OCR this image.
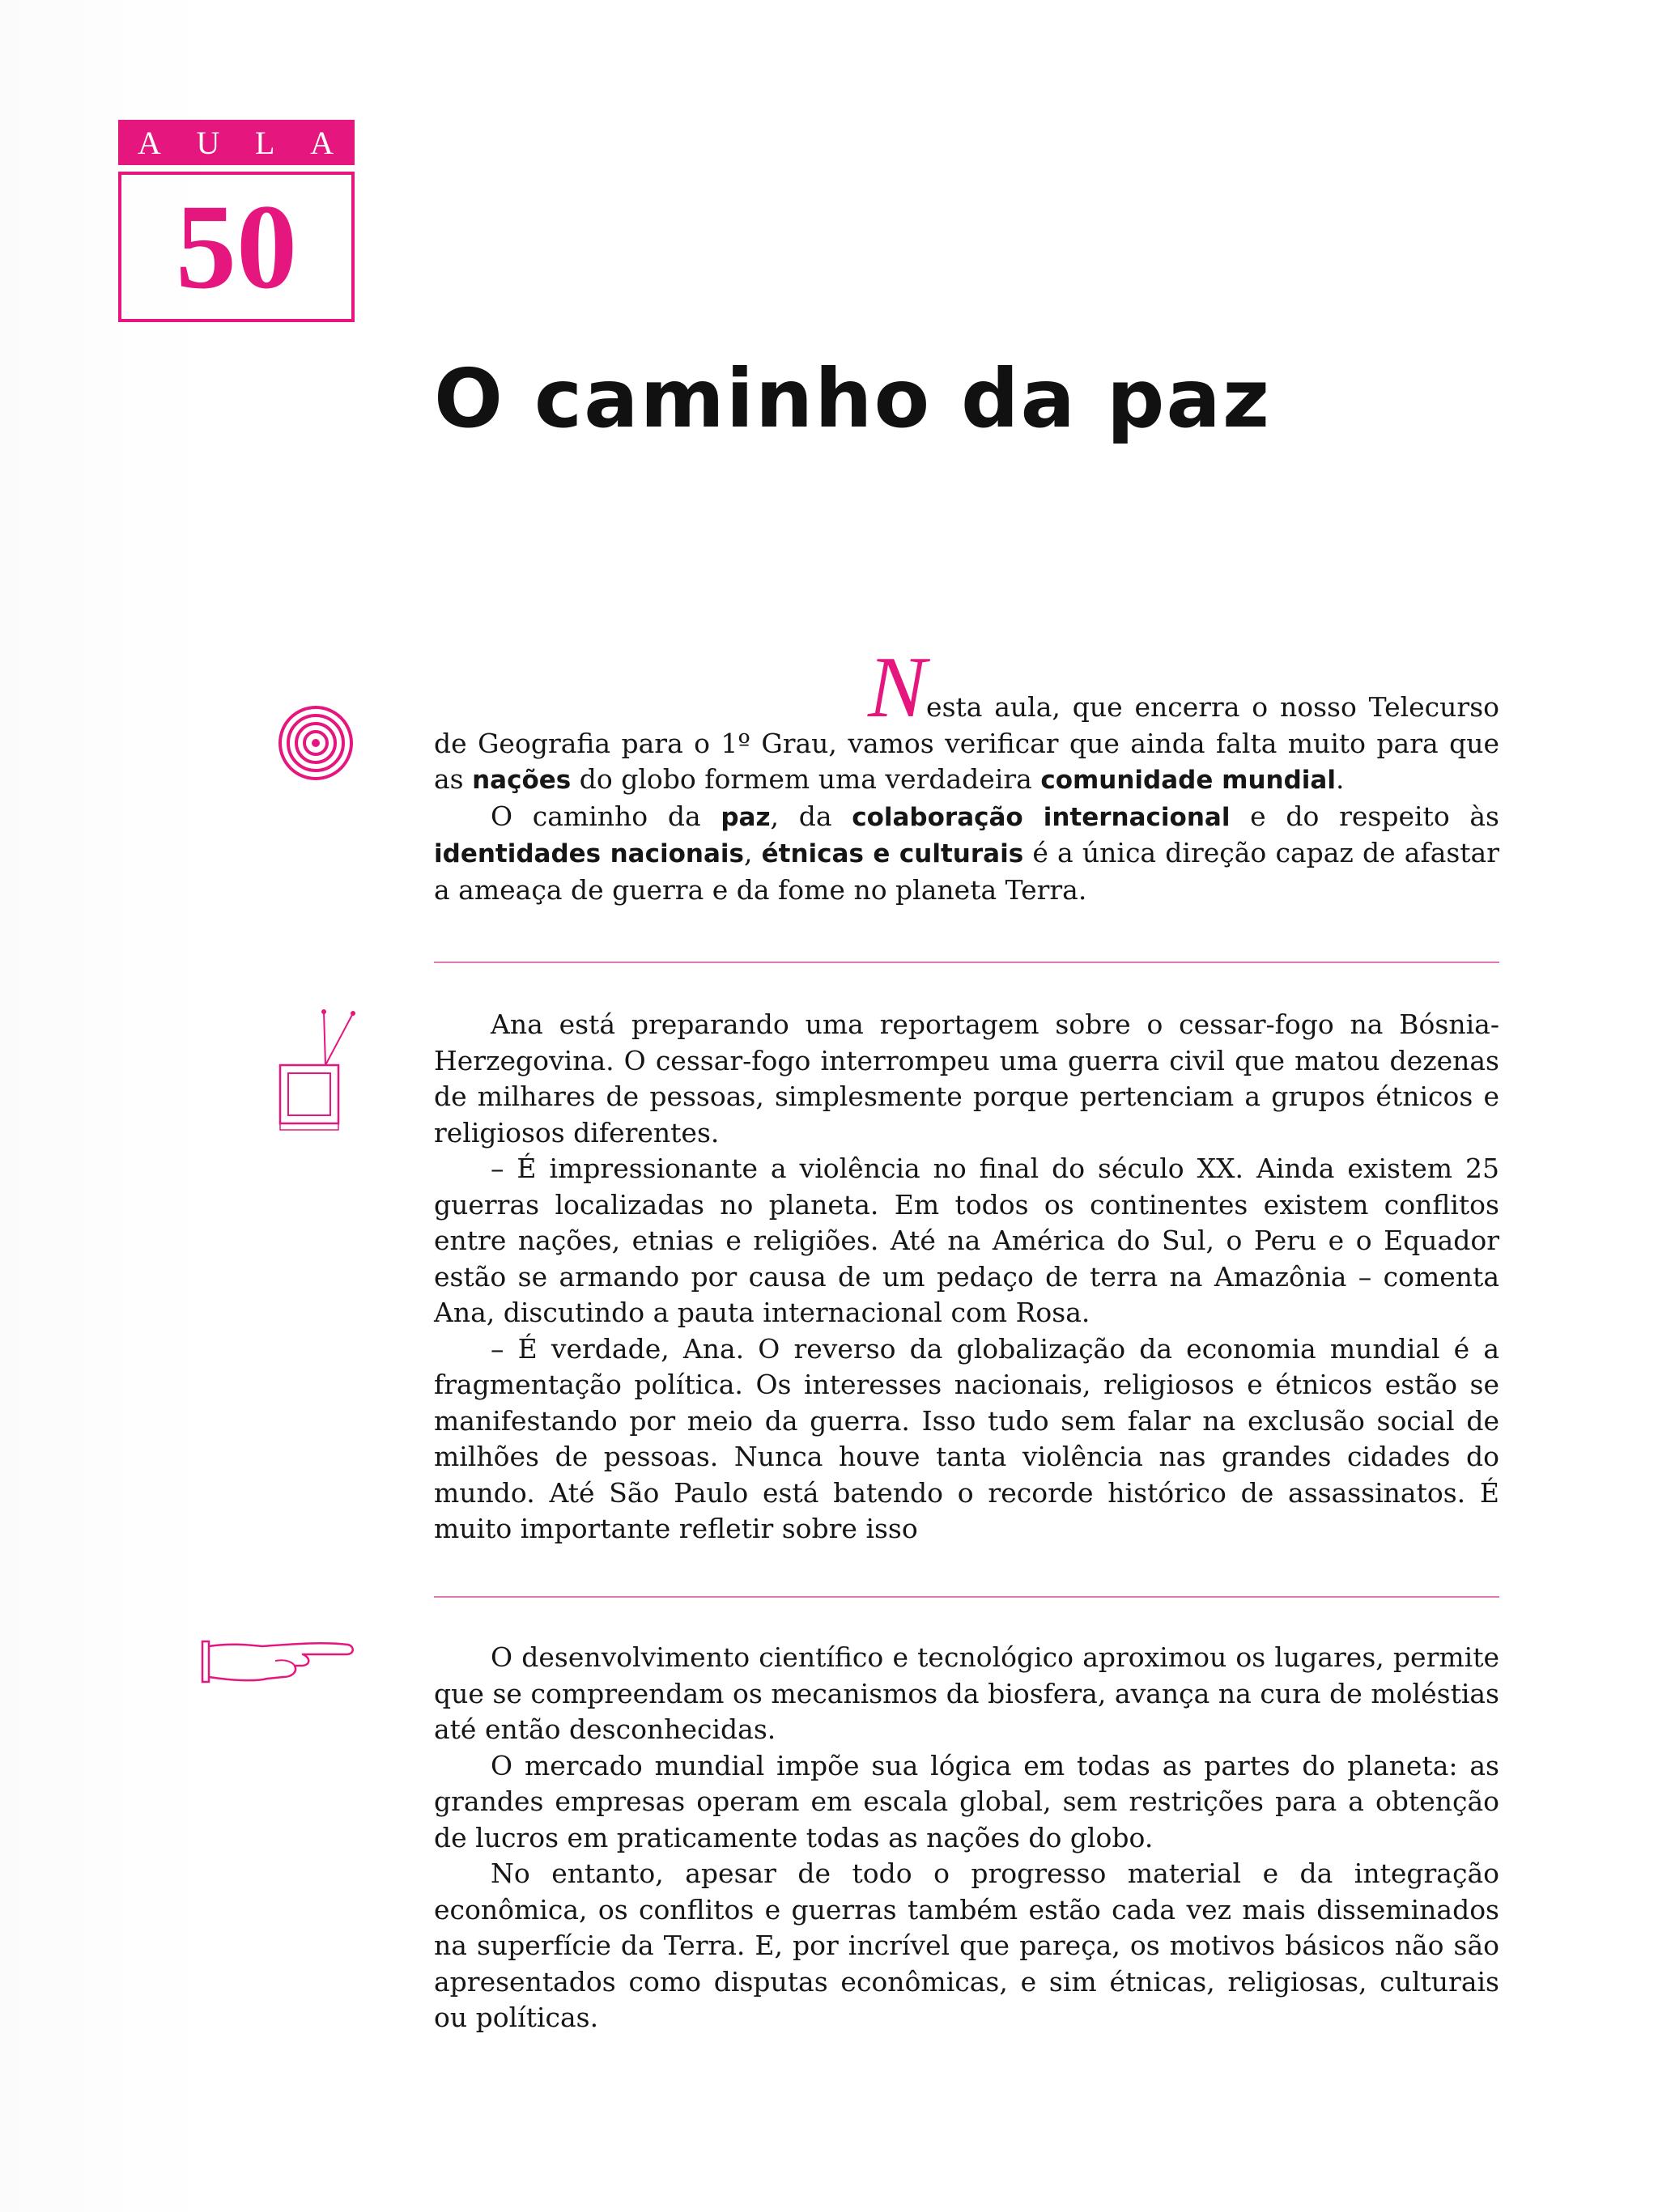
A U L A
50
O caminho da paz

Nesta aula, que encerra o nosso Telecurso de Geografia para o 1º Grau, vamos verificar que ainda falta muito para que as nações do globo formem uma verdadeira comunidade mundial.

O caminho da paz, da colaboração internacional e do respeito às identidades nacionais, étnicas e culturais é a única direção capaz de afastar a ameaça de guerra e da fome no planeta Terra.

Ana está preparando uma reportagem sobre o cessar-fogo na Bósnia-Herzegovina. O cessar-fogo interrompeu uma guerra civil que matou dezenas de milhares de pessoas, simplesmente porque pertenciam a grupos étnicos e religiosos diferentes.

– É impressionante a violência no final do século XX. Ainda existem 25 guerras localizadas no planeta. Em todos os continentes existem conflitos entre nações, etnias e religiões. Até na América do Sul, o Peru e o Equador estão se armando por causa de um pedaço de terra na Amazônia – comenta Ana, discutindo a pauta internacional com Rosa.

– É verdade, Ana. O reverso da globalização da economia mundial é a fragmentação política. Os interesses nacionais, religiosos e étnicos estão se manifestando por meio da guerra. Isso tudo sem falar na exclusão social de milhões de pessoas. Nunca houve tanta violência nas grandes cidades do mundo. Até São Paulo está batendo o recorde histórico de assassinatos. É muito importante refletir sobre isso

O desenvolvimento científico e tecnológico aproximou os lugares, permite que se compreendam os mecanismos da biosfera, avança na cura de moléstias até então desconhecidas.

O mercado mundial impõe sua lógica em todas as partes do planeta: as grandes empresas operam em escala global, sem restrições para a obtenção de lucros em praticamente todas as nações do globo.

No entanto, apesar de todo o progresso material e da integração econômica, os conflitos e guerras também estão cada vez mais disseminados na superfície da Terra. E, por incrível que pareça, os motivos básicos não são apresentados como disputas econômicas, e sim étnicas, religiosas, culturais ou políticas.
